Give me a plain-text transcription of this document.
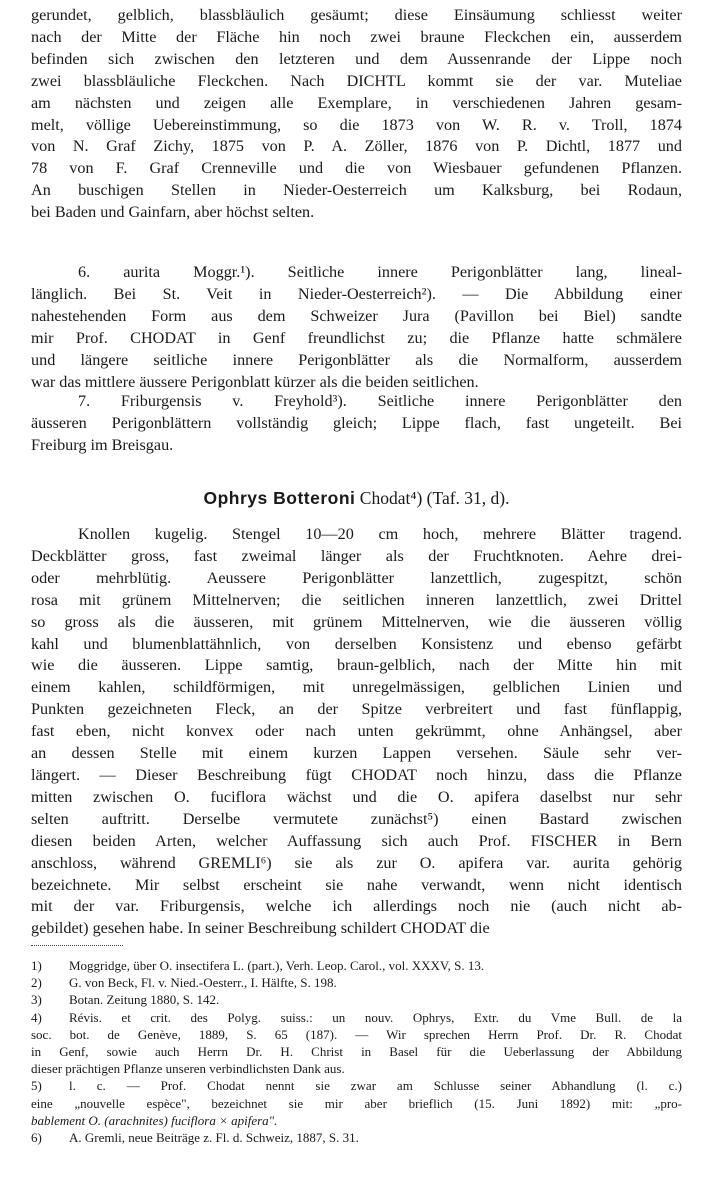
gerundet, gelblich, blassbläulich gesäumt; diese Einsäumung schliesst weiter
nach der Mitte der Fläche hin noch zwei braune Fleckchen ein, ausserdem
befinden sich zwischen den letzteren und dem Aussenrande der Lippe noch
zwei blassbläuliche Fleckchen. Nach DICHTL kommt sie der var. Muteliae
am nächsten und zeigen alle Exemplare, in verschiedenen Jahren gesam-
melt, völlige Uebereinstimmung, so die 1873 von W. R. v. Troll, 1874
von N. Graf Zichy, 1875 von P. A. Zöller, 1876 von P. Dichtl, 1877 und
78 von F. Graf Crenneville und die von Wiesbauer gefundenen Pflanzen.
An buschigen Stellen in Nieder-Oesterreich um Kalksburg, bei Rodaun,
bei Baden und Gainfarn, aber höchst selten.

6. aurita Moggr.¹). Seitliche innere Perigonblätter lang, lineal-
länglich. Bei St. Veit in Nieder-Oesterreich²). — Die Abbildung einer
nahestehenden Form aus dem Schweizer Jura (Pavillon bei Biel) sandte
mir Prof. CHODAT in Genf freundlichst zu; die Pflanze hatte schmälere
und längere seitliche innere Perigonblätter als die Normalform, ausserdem
war das mittlere äussere Perigonblatt kürzer als die beiden seitlichen.

7. Friburgensis v. Freyhold³). Seitliche innere Perigonblätter den
äusseren Perigonblättern vollständig gleich; Lippe flach, fast ungeteilt. Bei
Freiburg im Breisgau.

Ophrys Botteroni Chodat⁴) (Taf. 31, d).

Knollen kugelig. Stengel 10—20 cm hoch, mehrere Blätter tragend.
Deckblätter gross, fast zweimal länger als der Fruchtknoten. Aehre drei-
oder mehrblütig. Aeussere Perigonblätter lanzettlich, zugespitzt, schön
rosa mit grünem Mittelnerven; die seitlichen inneren lanzettlich, zwei Drittel
so gross als die äusseren, mit grünem Mittelnerven, wie die äusseren völlig
kahl und blumenblattähnlich, von derselben Konsistenz und ebenso gefärbt
wie die äusseren. Lippe samtig, braun-gelblich, nach der Mitte hin mit
einem kahlen, schildförmigen, mit unregelmässigen, gelblichen Linien und
Punkten gezeichneten Fleck, an der Spitze verbreitert und fast fünflappig,
fast eben, nicht konvex oder nach unten gekrümmt, ohne Anhängsel, aber
an dessen Stelle mit einem kurzen Lappen versehen. Säule sehr ver-
längert. — Dieser Beschreibung fügt CHODAT noch hinzu, dass die Pflanze
mitten zwischen O. fuciflora wächst und die O. apifera daselbst nur sehr
selten auftritt. Derselbe vermutete zunächst⁵) einen Bastard zwischen
diesen beiden Arten, welcher Auffassung sich auch Prof. FISCHER in Bern
anschloss, während GREMLI⁶) sie als zur O. apifera var. aurita gehörig
bezeichnete. Mir selbst erscheint sie nahe verwandt, wenn nicht identisch
mit der var. Friburgensis, welche ich allerdings noch nie (auch nicht ab-
gebildet) gesehen habe. In seiner Beschreibung schildert CHODAT die

1) Moggridge, über O. insectifera L. (part.), Verh. Leop. Carol., vol. XXXV, S. 13.

2) G. von Beck, Fl. v. Nied.-Oesterr., I. Hälfte, S. 198.

3) Botan. Zeitung 1880, S. 142.

4) Révis. et crit. des Polyg. suiss.: un nouv. Ophrys, Extr. du Vme Bull. de la
soc. bot. de Genève, 1889, S. 65 (187). — Wir sprechen Herrn Prof. Dr. R. Chodat
in Genf, sowie auch Herrn Dr. H. Christ in Basel für die Ueberlassung der Abbildung
dieser prächtigen Pflanze unseren verbindlichsten Dank aus.

5) l. c. — Prof. Chodat nennt sie zwar am Schlusse seiner Abhandlung (l. c.)
eine „nouvelle espèce", bezeichnet sie mir aber brieflich (15. Juni 1892) mit: „pro-
bablement O. (arachnites) fuciflora × apifera".

6) A. Gremli, neue Beiträge z. Fl. d. Schweiz, 1887, S. 31.
